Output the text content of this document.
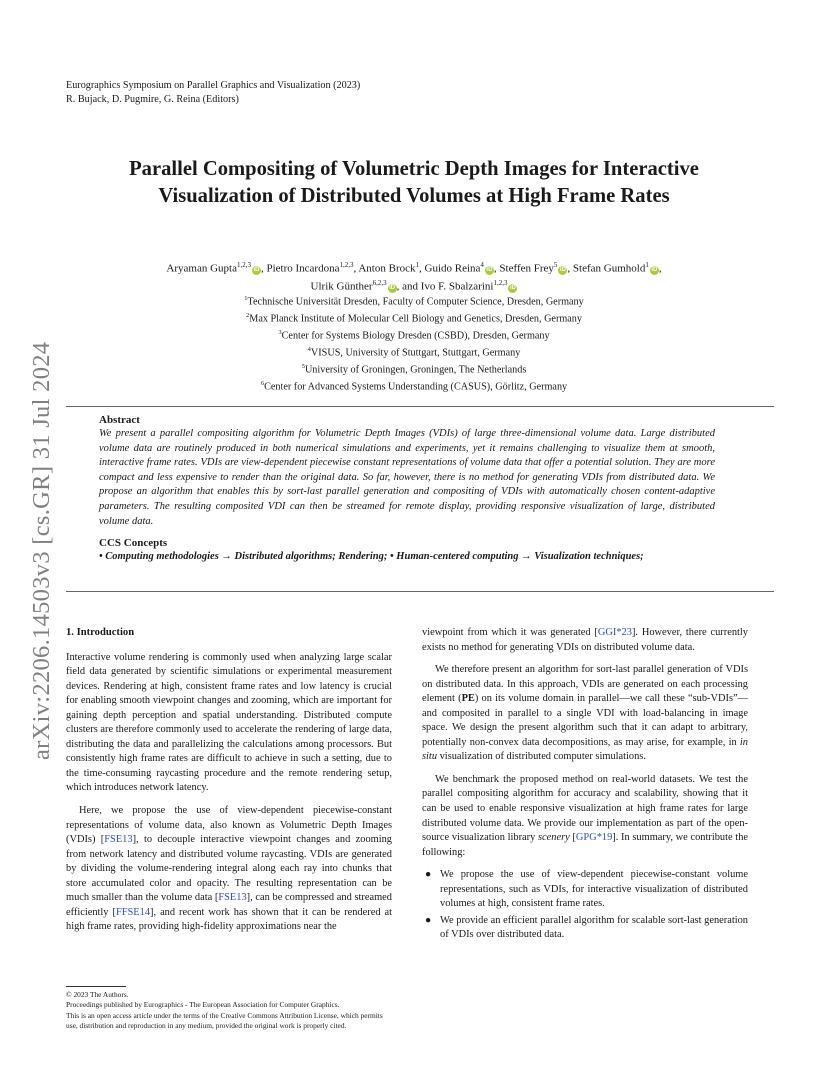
Eurographics Symposium on Parallel Graphics and Visualization (2023)
R. Bujack, D. Pugmire, G. Reina (Editors)
Parallel Compositing of Volumetric Depth Images for Interactive
Visualization of Distributed Volumes at High Frame Rates
Aryaman Gupta$^{1,2,3}$iD , Pietro Incardona$^{1,2,3}$, Anton Brock$^1$, Guido Reina$^4$iD , Steffen Frey$^5$iD , Stefan Gumhold$^1$iD ,
Ulrik Günther$^{6,2,3}$iD , and Ivo F. Sbalzarini$^{1,2,3}$iD
$^1$Technische Universität Dresden, Faculty of Computer Science, Dresden, Germany
$^2$Max Planck Institute of Molecular Cell Biology and Genetics, Dresden, Germany
$^3$Center for Systems Biology Dresden (CSBD), Dresden, Germany
$^4$VISUS, University of Stuttgart, Stuttgart, Germany
$^5$University of Groningen, Groningen, The Netherlands
$^6$Center for Advanced Systems Understanding (CASUS), Görlitz, Germany
Abstract
We present a parallel compositing algorithm for Volumetric Depth Images (VDIs) of large three-dimensional volume data. Large distributed volume data are routinely produced in both numerical simulations and experiments, yet it remains challenging to visualize them at smooth, interactive frame rates. VDIs are view-dependent piecewise constant representations of volume data that offer a potential solution. They are more compact and less expensive to render than the original data. So far, however, there is no method for generating VDIs from distributed data. We propose an algorithm that enables this by sort-last parallel generation and compositing of VDIs with automatically chosen content-adaptive parameters. The resulting composited VDI can then be streamed for remote display, providing responsive visualization of large, distributed volume data.
CCS Concepts
• Computing methodologies → Distributed algorithms; Rendering; • Human-centered computing → Visualization techniques;
arXiv:2206.14503v3 [cs.GR] 31 Jul 2024 1. Introduction

Interactive volume rendering is commonly used when analyzing large scalar field data generated by scientific simulations or experimental measurement devices. Rendering at high, consistent frame rates and low latency is crucial for enabling smooth viewpoint changes and zooming, which are important for gaining depth perception and spatial understanding. Distributed compute clusters are therefore commonly used to accelerate the rendering of large data, distributing the data and parallelizing the calculations among processors. But consistently high frame rates are difficult to achieve in such a setting, due to the time-consuming raycasting procedure and the remote rendering setup, which introduces network latency.

Here, we propose the use of view-dependent piecewise-constant representations of volume data, also known as Volumetric Depth Images (VDIs) [FSE13], to decouple interactive viewpoint changes and zooming from network latency and distributed volume raycasting. VDIs are generated by dividing the volume-rendering integral along each ray into chunks that store accumulated color and opacity. The resulting representation can be much smaller than the volume data [FSE13], can be compressed and streamed efficiently [FFSE14], and recent work has shown that it can be rendered at high frame rates, providing high-fidelity approximations near the

viewpoint from which it was generated [GGI*23]. However, there currently exists no method for generating VDIs on distributed volume data.

We therefore present an algorithm for sort-last parallel generation of VDIs on distributed data. In this approach, VDIs are generated on each processing element (PE) on its volume domain in parallel—we call these “sub-VDIs”—and composited in parallel to a single VDI with load-balancing in image space. We design the present algorithm such that it can adapt to arbitrary, potentially non-convex data decompositions, as may arise, for example, in in situ visualization of distributed computer simulations.

We benchmark the proposed method on real-world datasets. We test the parallel compositing algorithm for accuracy and scalability, showing that it can be used to enable responsive visualization at high frame rates for large distributed volume data. We provide our implementation as part of the open-source visualization library scenery [GPG*19]. In summary, we contribute the following:

● We propose the use of view-dependent piecewise-constant volume representations, such as VDIs, for interactive visualization of distributed volumes at high, consistent frame rates.
● We provide an efficient parallel algorithm for scalable sort-last generation of VDIs over distributed data.
© 2023 The Authors.
Proceedings published by Eurographics - The European Association for Computer Graphics.
This is an open access article under the terms of the Creative Commons Attribution License, which permits use, distribution and reproduction in any medium, provided the original work is properly cited.
